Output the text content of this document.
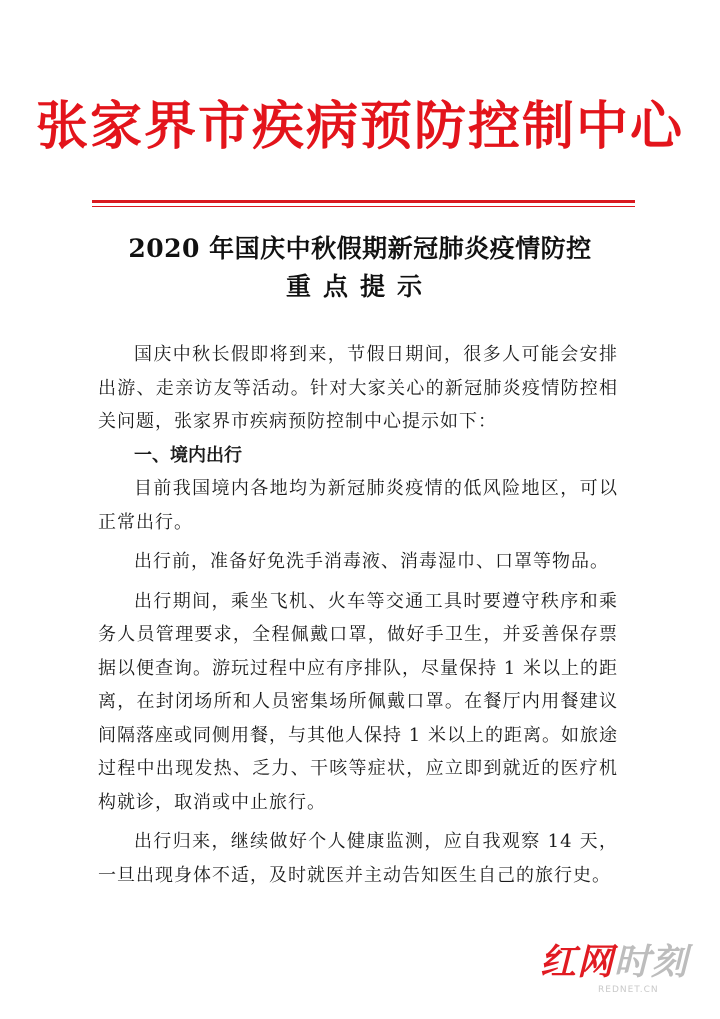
张家界市疾病预防控制中心
2020 年国庆中秋假期新冠肺炎疫情防控
重点提示

国庆中秋长假即将到来，节假日期间，很多人可能会安排出游、走亲访友等活动。针对大家关心的新冠肺炎疫情防控相关问题，张家界市疾病预防控制中心提示如下：

一、境内出行

目前我国境内各地均为新冠肺炎疫情的低风险地区，可以正常出行。

出行前，准备好免洗手消毒液、消毒湿巾、口罩等物品。

出行期间，乘坐飞机、火车等交通工具时要遵守秩序和乘务人员管理要求，全程佩戴口罩，做好手卫生，并妥善保存票据以便查询。游玩过程中应有序排队，尽量保持 1 米以上的距离，在封闭场所和人员密集场所佩戴口罩。在餐厅内用餐建议间隔落座或同侧用餐，与其他人保持 1 米以上的距离。如旅途过程中出现发热、乏力、干咳等症状，应立即到就近的医疗机构就诊，取消或中止旅行。

出行归来，继续做好个人健康监测，应自我观察 14 天，一旦出现身体不适，及时就医并主动告知医生自己的旅行史。

红网时刻
REDNET.CN
